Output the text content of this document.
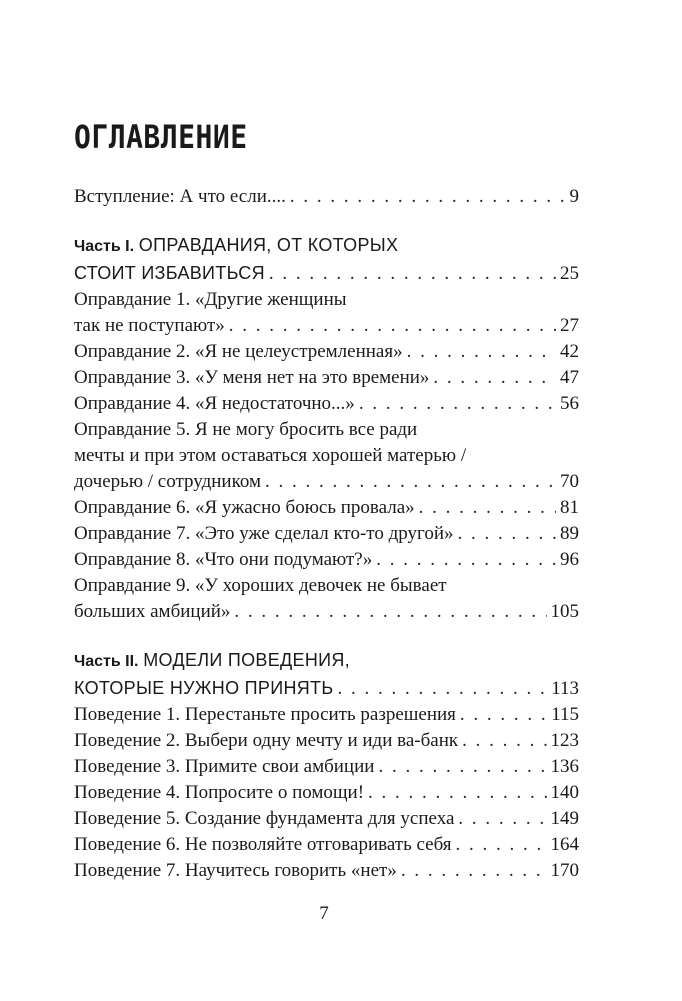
ОГЛАВЛЕНИЕ
Вступление: А что если.... . . .	9
Часть I. ОПРАВДАНИЯ, ОТ КОТОРЫХ
СТОИТ ИЗБАВИТЬСЯ . . .	25
Оправдание 1. «Другие женщины
так не поступают» . . .	27
Оправдание 2. «Я не целеустремленная» . . .	42
Оправдание 3. «У меня нет на это времени» . . .	47
Оправдание 4. «Я недостаточно...» . . .	56
Оправдание 5. Я не могу бросить все ради
мечты и при этом оставаться хорошей матерью /
дочерью / сотрудником . . .	70
Оправдание 6. «Я ужасно боюсь провала» . . .	81
Оправдание 7. «Это уже сделал кто-то другой» . . .	89
Оправдание 8. «Что они подумают?» . . .	96
Оправдание 9. «У хороших девочек не бывает
больших амбиций» . . .	105
Часть II. МОДЕЛИ ПОВЕДЕНИЯ,
КОТОРЫЕ НУЖНО ПРИНЯТЬ . . .	113
Поведение 1. Перестаньте просить разрешения . . .	115
Поведение 2. Выбери одну мечту и иди ва-банк . . .	123
Поведение 3. Примите свои амбиции . . .	136
Поведение 4. Попросите о помощи! . . .	140
Поведение 5. Создание фундамента для успеха . . .	149
Поведение 6. Не позволяйте отговаривать себя . . .	164
Поведение 7. Научитесь говорить «нет» . . .	170
7
